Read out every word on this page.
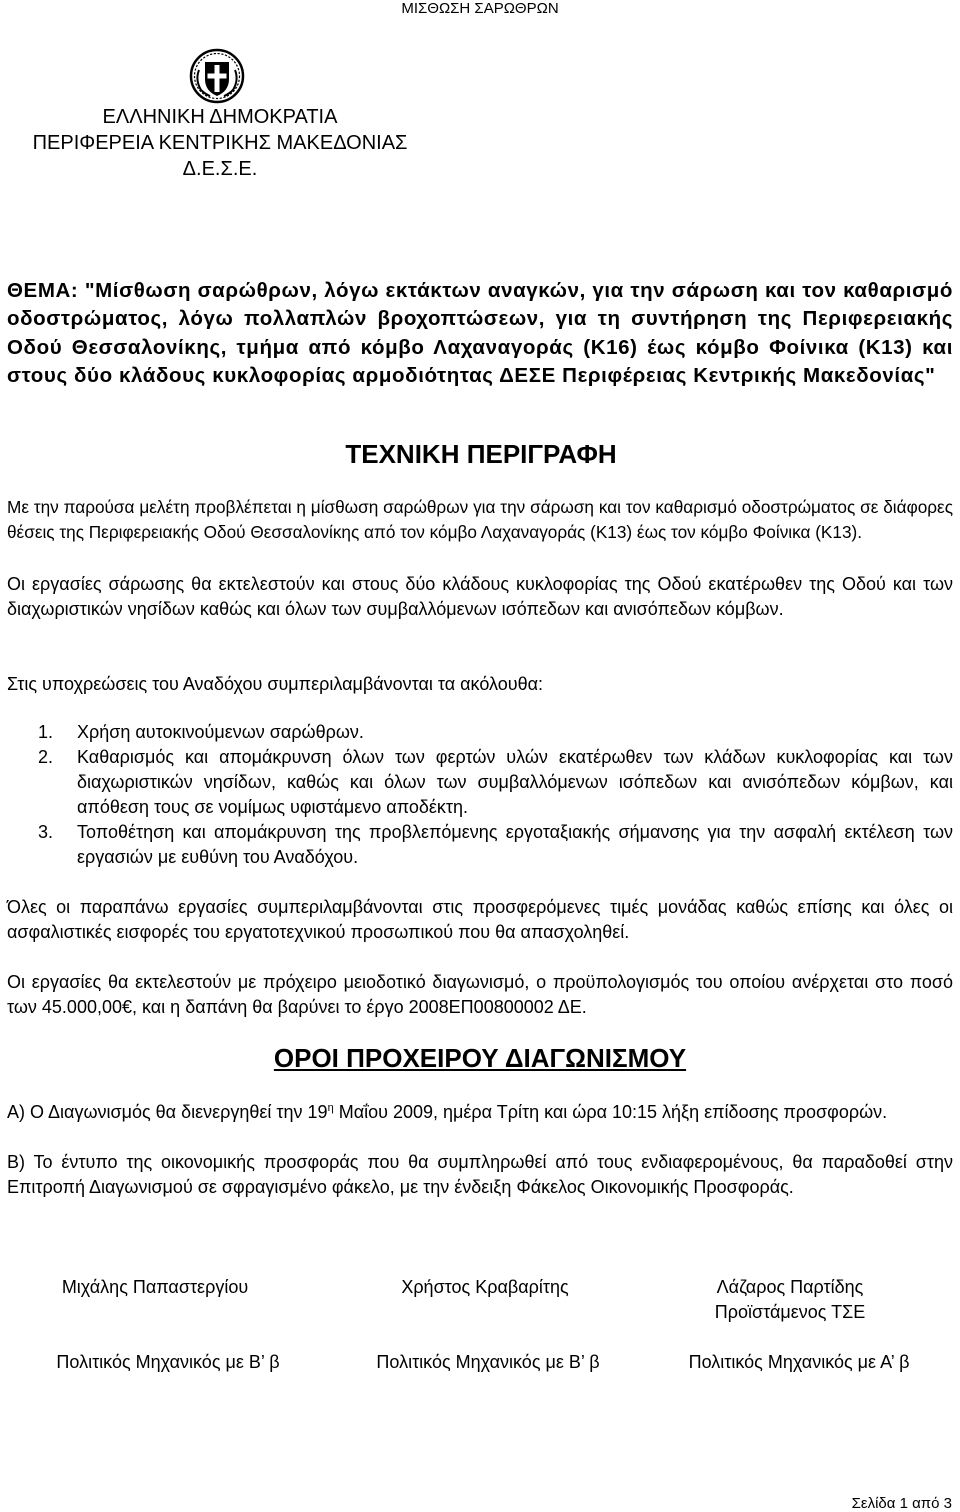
ΜΙΣΘΩΣΗ ΣΑΡΩΘΡΩΝ
ΕΛΛΗΝΙΚΗ ΔΗΜΟΚΡΑΤΙΑ
ΠΕΡΙΦΕΡΕΙΑ ΚΕΝΤΡΙΚΗΣ ΜΑΚΕΔΟΝΙΑΣ
Δ.Ε.Σ.Ε.
ΘΕΜΑ: "Μίσθωση σαρώθρων, λόγω εκτάκτων αναγκών, για την σάρωση και τον καθαρισμό οδοστρώματος, λόγω πολλαπλών βροχοπτώσεων, για τη συντήρηση της Περιφερειακής Οδού Θεσσαλονίκης, τμήμα από κόμβο Λαχαναγοράς (Κ16) έως κόμβο Φοίνικα (Κ13) και στους δύο κλάδους κυκλοφορίας αρμοδιότητας ΔΕΣΕ Περιφέρειας Κεντρικής Μακεδονίας"
ΤΕΧΝΙΚΗ ΠΕΡΙΓΡΑΦΗ
Με την παρούσα μελέτη προβλέπεται η μίσθωση σαρώθρων για την σάρωση και τον καθαρισμό οδοστρώματος σε διάφορες θέσεις της Περιφερειακής Οδού Θεσσαλονίκης από τον κόμβο Λαχαναγοράς (Κ13) έως τον κόμβο Φοίνικα (Κ13).
Οι εργασίες σάρωσης θα εκτελεστούν και στους δύο κλάδους κυκλοφορίας της Οδού εκατέρωθεν της Οδού και των διαχωριστικών νησίδων καθώς και όλων των συμβαλλόμενων ισόπεδων και ανισόπεδων κόμβων.
Στις υποχρεώσεις του Αναδόχου συμπεριλαμβάνονται τα ακόλουθα:
1. Χρήση αυτοκινούμενων σαρώθρων.
2. Καθαρισμός και απομάκρυνση όλων των φερτών υλών εκατέρωθεν των κλάδων κυκλοφορίας και των διαχωριστικών νησίδων, καθώς και όλων των συμβαλλόμενων ισόπεδων και ανισόπεδων κόμβων, και απόθεση τους σε νομίμως υφιστάμενο αποδέκτη.
3. Τοποθέτηση και απομάκρυνση της προβλεπόμενης εργοταξιακής σήμανσης για την ασφαλή εκτέλεση των εργασιών με ευθύνη του Αναδόχου.
Όλες οι παραπάνω εργασίες συμπεριλαμβάνονται στις προσφερόμενες τιμές μονάδας καθώς επίσης και όλες οι ασφαλιστικές εισφορές του εργατοτεχνικού προσωπικού που θα απασχοληθεί.
Οι εργασίες θα εκτελεστούν με πρόχειρο μειοδοτικό διαγωνισμό, ο προϋπολογισμός του οποίου ανέρχεται στο ποσό των 45.000,00€, και η δαπάνη θα βαρύνει το έργο 2008ΕΠ00800002 ΔΕ.
ΟΡΟΙ ΠΡΟΧΕΙΡΟΥ ΔΙΑΓΩΝΙΣΜΟΥ
Α) Ο Διαγωνισμός θα διενεργηθεί την $19^\eta$ Μαΐου 2009, ημέρα Τρίτη και ώρα 10:15 λήξη επίδοσης προσφορών.
Β) Το έντυπο της οικονομικής προσφοράς που θα συμπληρωθεί από τους ενδιαφερομένους, θα παραδοθεί στην Επιτροπή Διαγωνισμού σε σφραγισμένο φάκελο, με την ένδειξη Φάκελος Οικονομικής Προσφοράς.
Μιχάλης Παπαστεργίου	Χρήστος Κραβαρίτης	Λάζαρος Παρτίδης
Προϊστάμενος ΤΣΕ
Πολιτικός Μηχανικός με Β’ β	Πολιτικός Μηχανικός με Β’ β	Πολιτικός Μηχανικός με Α’ β
Σελίδα 1 από 3
